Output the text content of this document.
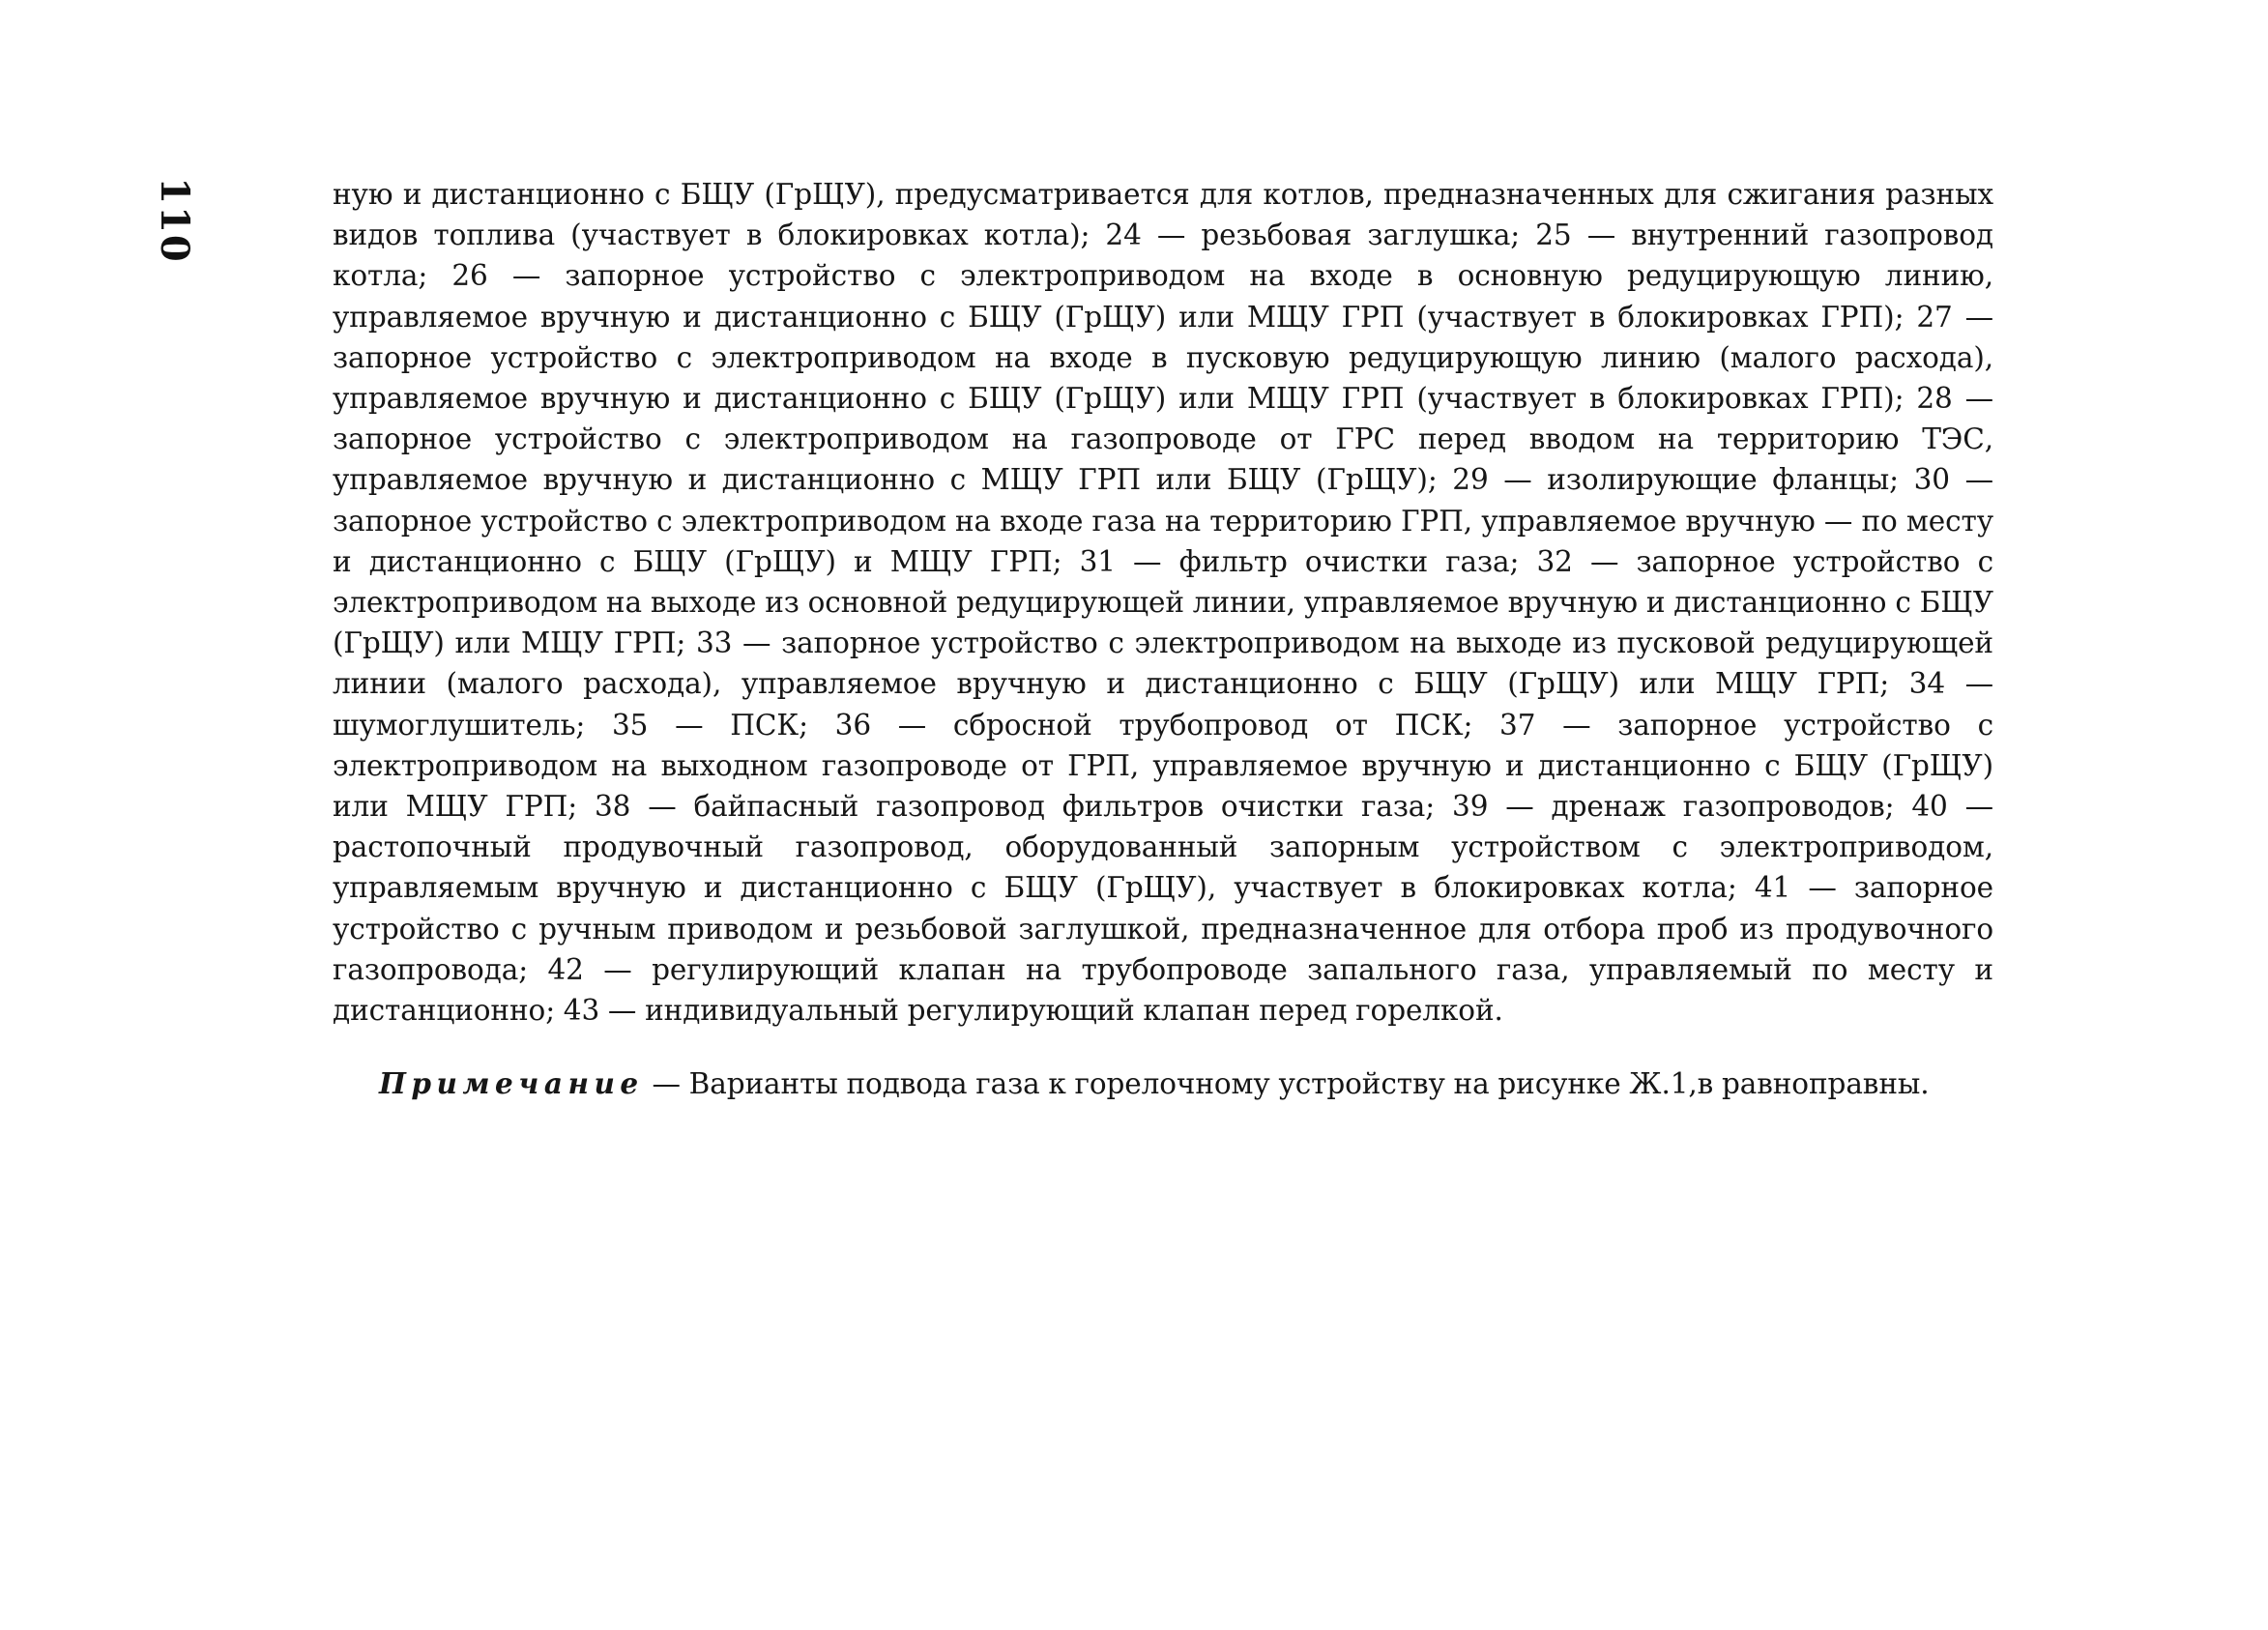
110	ную и дистанционно с БЩУ (ГрЩУ), предусматривается для котлов, предназначенных для сжигания разных видов топлива (участвует в блокировках котла); 24 — резьбовая заглушка; 25 — внутренний газопровод котла; 26 — запорное устройство с электроприводом на входе в основную редуцирующую линию, управляемое вручную и дистанционно с БЩУ (ГрЩУ) или МЩУ ГРП (участвует в блокировках ГРП); 27 — запорное устройство с электроприводом на входе в пусковую редуцирующую линию (малого расхода), управляемое вручную и дистанционно с БЩУ (ГрЩУ) или МЩУ ГРП (участвует в блокировках ГРП); 28 — запорное устройство с электроприводом на газопроводе от ГРС перед вводом на территорию ТЭС, управляемое вручную и дистанционно с МЩУ ГРП или БЩУ (ГрЩУ); 29 — изолирующие фланцы; 30 — запорное устройство с электроприводом на входе газа на территорию ГРП, управляемое вручную — по месту и дистанционно с БЩУ (ГрЩУ) и МЩУ ГРП; 31 — фильтр очистки газа; 32 — запорное устройство с электроприводом на выходе из основной редуцирующей линии, управляемое вручную и дистанционно с БЩУ (ГрЩУ) или МЩУ ГРП; 33 — запорное устройство с электроприводом на выходе из пусковой редуцирующей линии (малого расхода), управляемое вручную и дистанционно с БЩУ (ГрЩУ) или МЩУ ГРП; 34 —шумоглушитель; 35 — ПСК; 36 — сбросной трубопровод от ПСК; 37 — запорное устройство с электроприводом на выходном газопроводе от ГРП, управляемое вручную и дистанционно с БЩУ (ГрЩУ) или МЩУ ГРП; 38 — байпасный газопровод фильтров очистки газа; 39 — дренаж газопроводов; 40 — растопочный продувочный газопровод, оборудованный запорным устройством с электроприводом, управляемым вручную и дистанционно с БЩУ (ГрЩУ), участвует в блокировках котла; 41 — запорное устройство с ручным приводом и резьбовой заглушкой, предназначенное для отбора проб из продувочного газопровода; 42 — регулирующий клапан на трубопроводе запального газа, управляемый по месту и дистанционно; 43 — индивидуальный регулирующий клапан перед горелкой.

Примечание — Варианты подвода газа к горелочному устройству на рисунке Ж.1,в равноправны.
